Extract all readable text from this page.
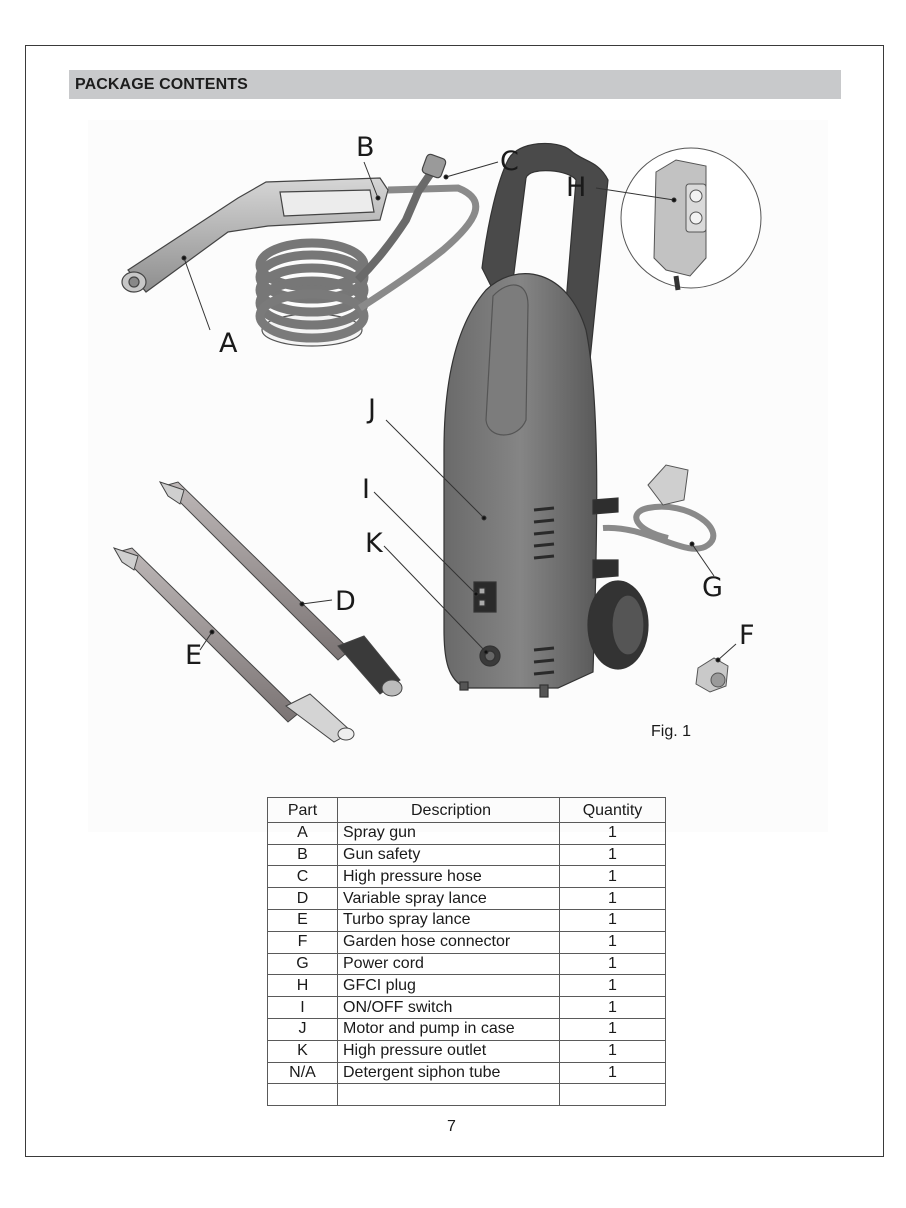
PACKAGE CONTENTS
A
B	C
D
E
F
G
H
I
J
K
Fig. 1
Part	Description	Quantity
A	Spray gun	1
B	Gun safety	1
C	High pressure hose	1
D	Variable spray lance	1
E	Turbo spray lance	1
F	Garden hose connector	1
G	Power cord	1
H	GFCI plug	1
I	ON/OFF switch	1
J	Motor and pump in case	1
K	High pressure outlet	1
N/A	Detergent siphon tube	1

7
